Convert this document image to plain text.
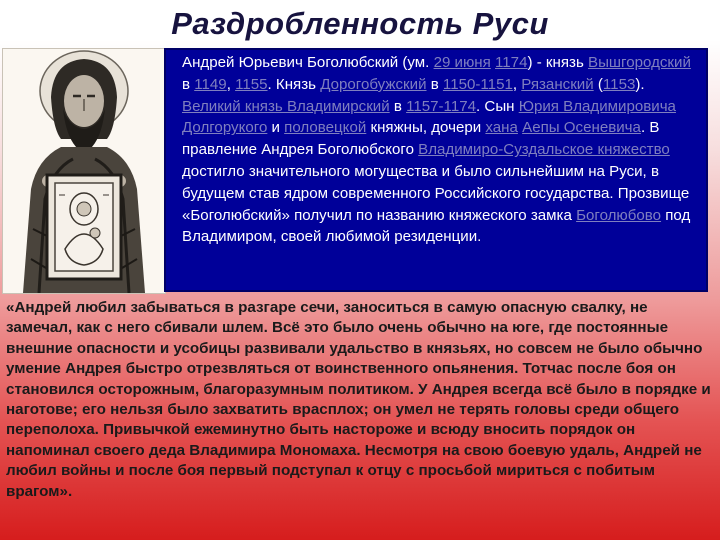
Раздробленность Руси
Андрей Юрьевич Боголюбский (ум. 29 июня 1174) - князь Вышгородский в 1149, 1155. Князь Дорогобужский в 1150-1151, Рязанский (1153). Великий князь Владимирский в 1157-1174. Сын Юрия Владимировича Долгорукого и половецкой княжны, дочери хана Аепы Осеневича. В правление Андрея Боголюбского Владимиро-Суздальское княжество достигло значительного могущества и было сильнейшим на Руси, в будущем став ядром современного Российского государства. Прозвище «Боголюбский» получил по названию княжеского замка Боголюбово под Владимиром, своей любимой резиденции.
«Андрей любил забываться в разгаре сечи, заноситься в самую опасную свалку, не замечал, как с него сбивали шлем. Всё это было очень обычно на юге, где постоянные внешние опасности и усобицы развивали удальство в князьях, но совсем не было обычно умение Андрея быстро отрезвляться от воинственного опьянения. Тотчас после боя он становился осторожным, благоразумным политиком. У Андрея всегда всё было в порядке и наготове; его нельзя было захватить врасплох; он умел не терять головы среди общего переполоха. Привычкой ежеминутно быть настороже и всюду вносить порядок он напоминал своего деда Владимира Мономаха. Несмотря на свою боевую удаль, Андрей не любил войны и после боя первый подступал к отцу с просьбой мириться с побитым врагом».
